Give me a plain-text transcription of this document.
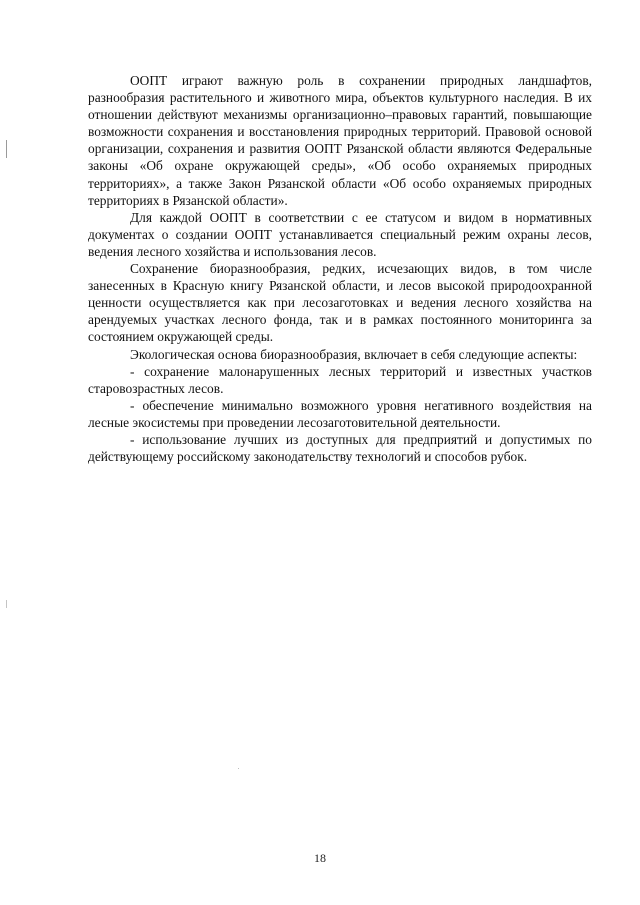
ООПТ играют важную роль в сохранении природных ландшафтов, разнообразия растительного и животного мира, объектов культурного наследия. В их отношении действуют механизмы организационно–правовых гарантий, повышающие возможности сохранения и восстановления природных территорий. Правовой основой организации, сохранения и развития ООПТ Рязанской области являются Федеральные законы «Об охране окружающей среды», «Об особо охраняемых природных территориях», а также Закон Рязанской области «Об особо охраняемых природных территориях в Рязанской области».

Для каждой ООПТ в соответствии с ее статусом и видом в нормативных документах о создании ООПТ устанавливается специальный режим охраны лесов, ведения лесного хозяйства и использования лесов.

Сохранение биоразнообразия, редких, исчезающих видов, в том числе занесенных в Красную книгу Рязанской области, и лесов высокой природоохранной ценности осуществляется как при лесозаготовках и ведения лесного хозяйства на арендуемых участках лесного фонда, так и в рамках постоянного мониторинга за состоянием окружающей среды.

Экологическая основа биоразнообразия, включает в себя следующие аспекты:

- сохранение малонарушенных лесных территорий и известных участков старовозрастных лесов.

- обеспечение минимально возможного уровня негативного воздействия на лесные экосистемы при проведении лесозаготовительной деятельности.

- использование лучших из доступных для предприятий и допустимых по действующему российскому законодательству технологий и способов рубок.

18
